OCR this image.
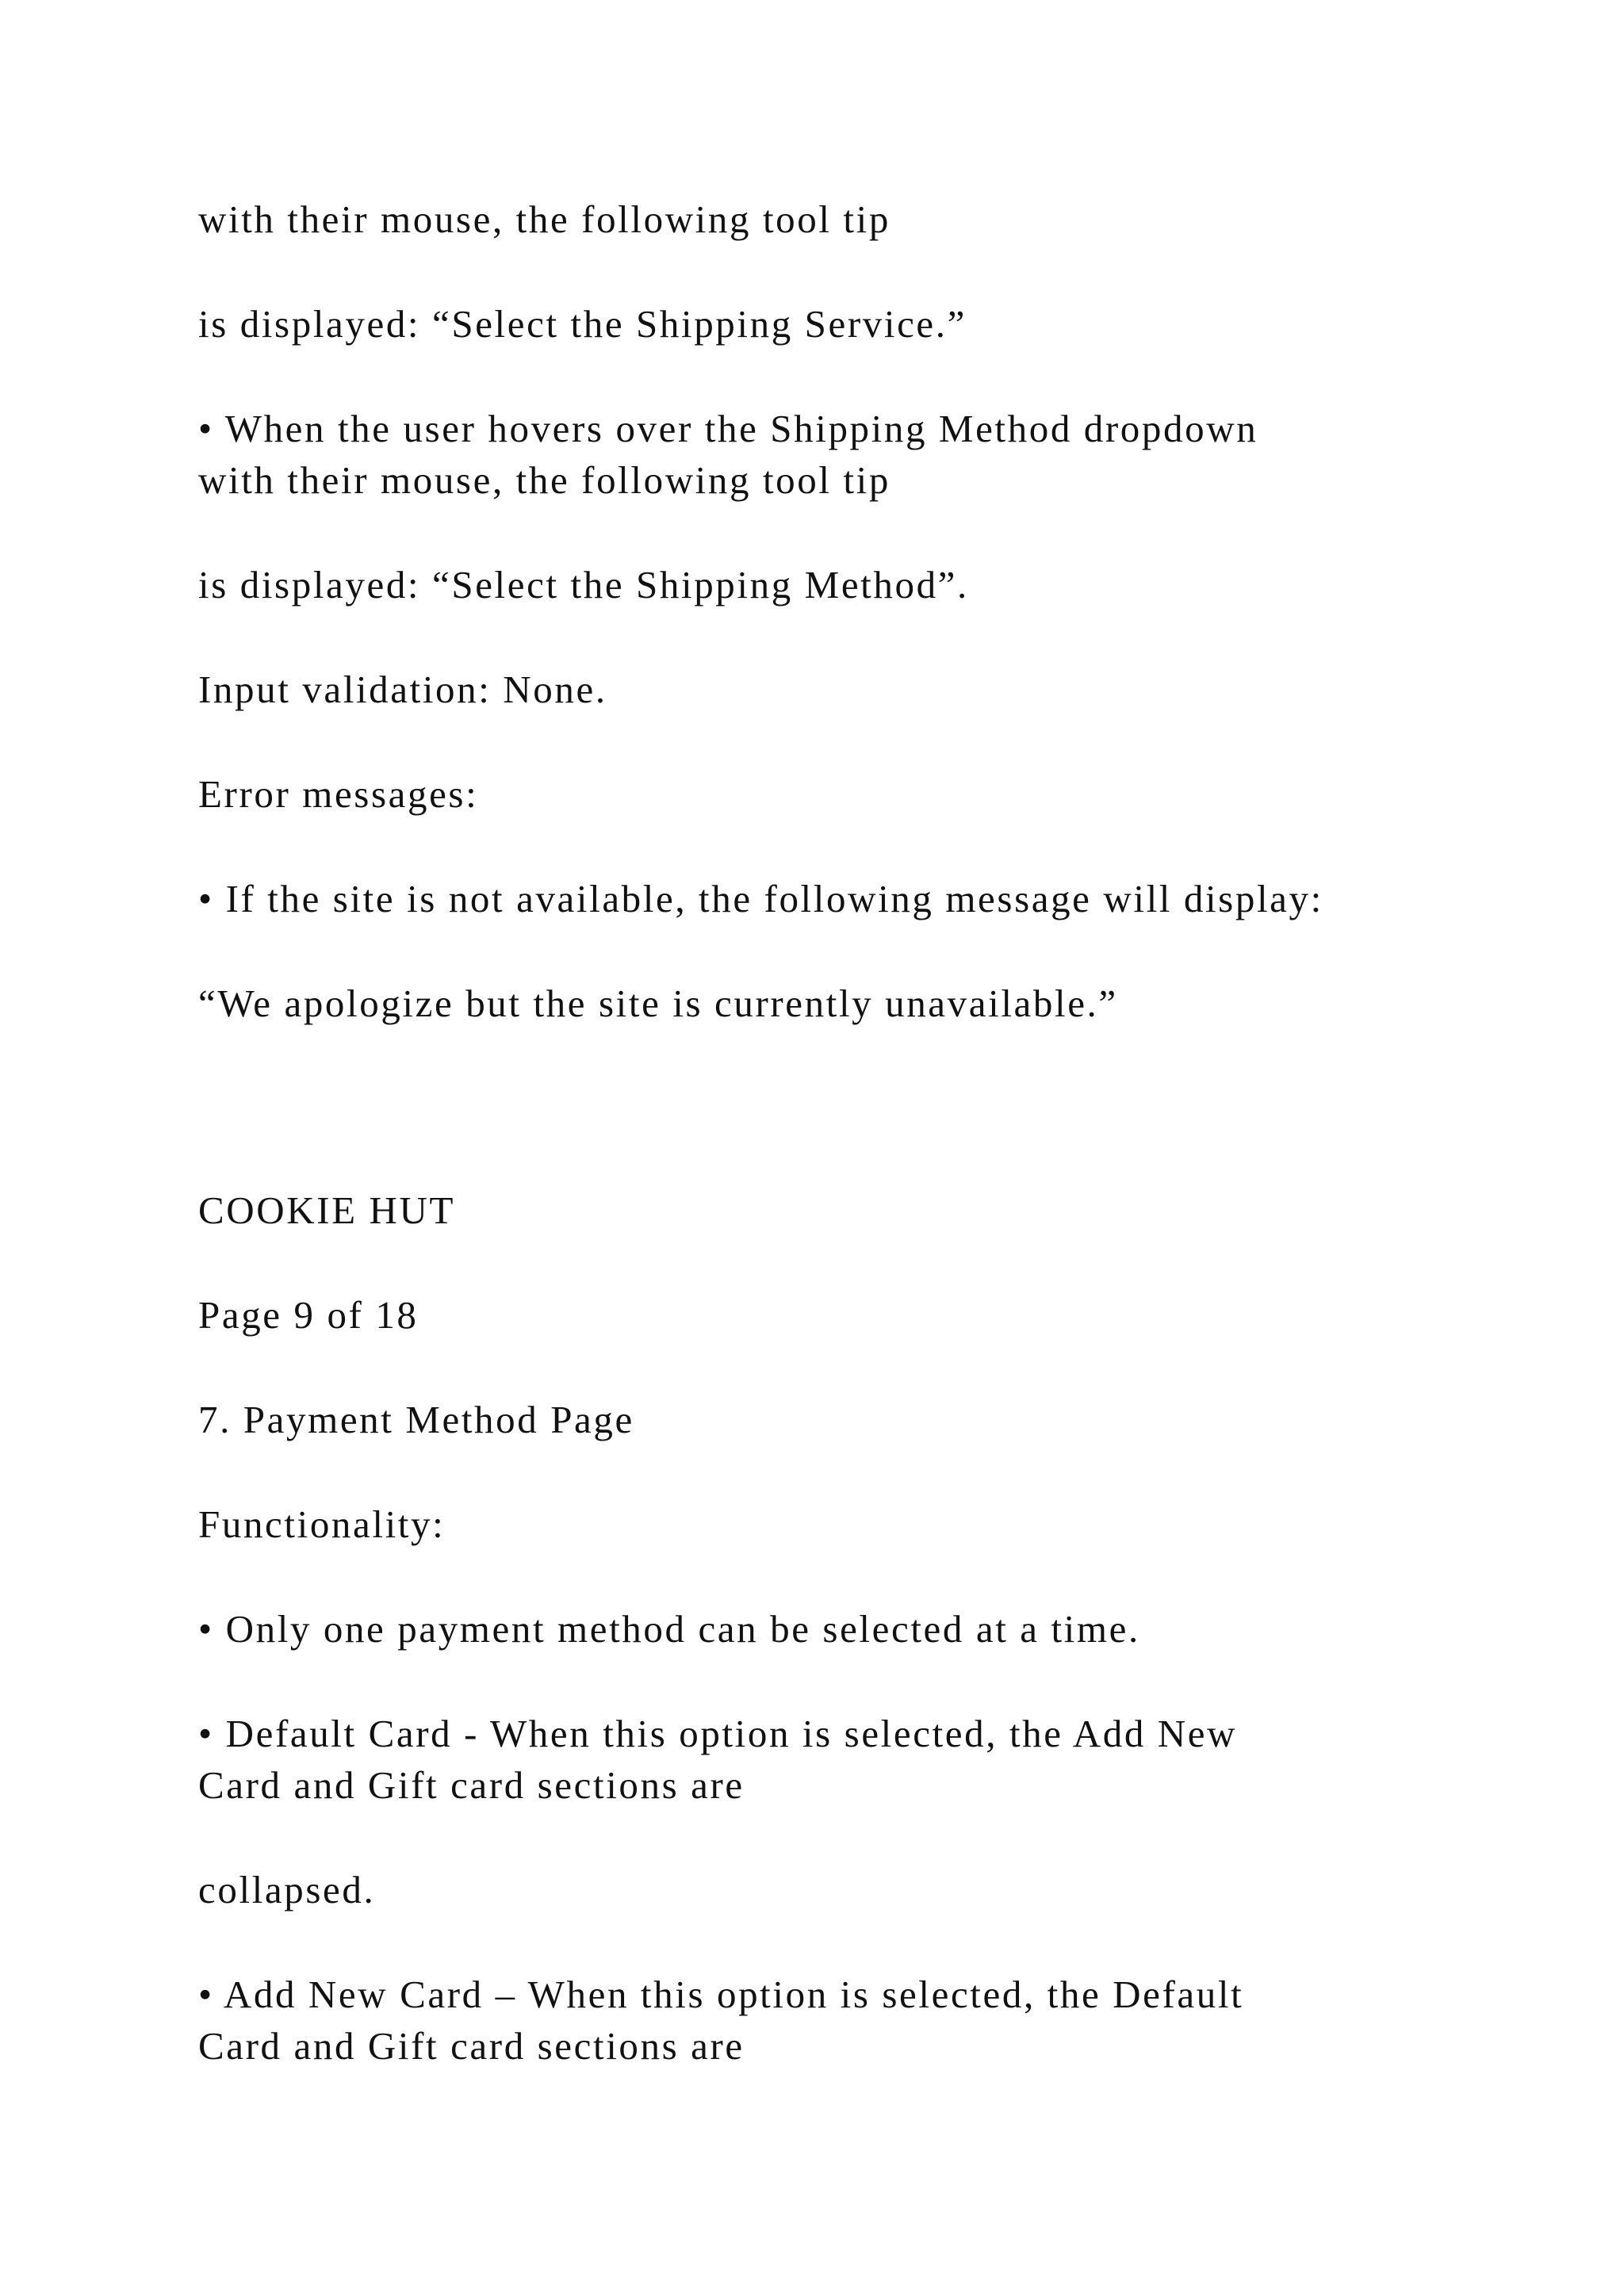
with their mouse, the following tool tip

is displayed: “Select the Shipping Service.”

• When the user hovers over the Shipping Method dropdown

with their mouse, the following tool tip

is displayed: “Select the Shipping Method”.

Input validation: None.

Error messages:

• If the site is not available, the following message will display:

“We apologize but the site is currently unavailable.”

COOKIE HUT

Page 9 of 18

7. Payment Method Page

Functionality:

• Only one payment method can be selected at a time.

• Default Card - When this option is selected, the Add New

Card and Gift card sections are

collapsed.

• Add New Card – When this option is selected, the Default

Card and Gift card sections are
